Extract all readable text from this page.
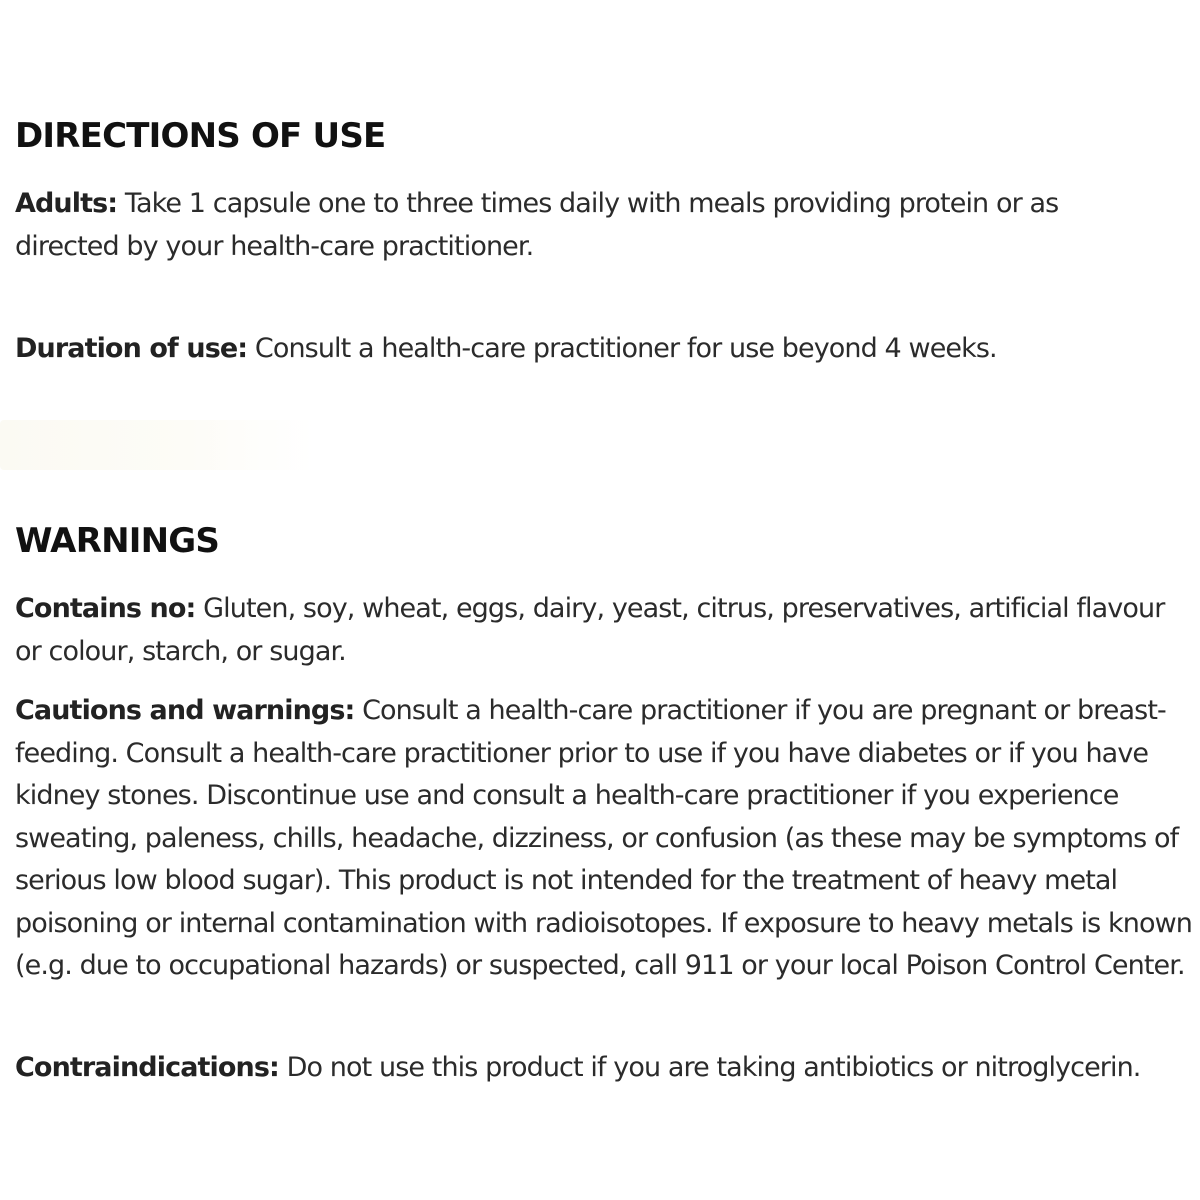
DIRECTIONS OF USE

Adults: Take 1 capsule one to three times daily with meals providing protein or as directed by your health-care practitioner.

Duration of use: Consult a health-care practitioner for use beyond 4 weeks.

WARNINGS

Contains no: Gluten, soy, wheat, eggs, dairy, yeast, citrus, preservatives, artificial flavour or colour, starch, or sugar.

Cautions and warnings: Consult a health-care practitioner if you are pregnant or breast-feeding. Consult a health-care practitioner prior to use if you have diabetes or if you have kidney stones. Discontinue use and consult a health-care practitioner if you experience sweating, paleness, chills, headache, dizziness, or confusion (as these may be symptoms of serious low blood sugar). This product is not intended for the treatment of heavy metal poisoning or internal contamination with radioisotopes. If exposure to heavy metals is known (e.g. due to occupational hazards) or suspected, call 911 or your local Poison Control Center.

Contraindications: Do not use this product if you are taking antibiotics or nitroglycerin.
